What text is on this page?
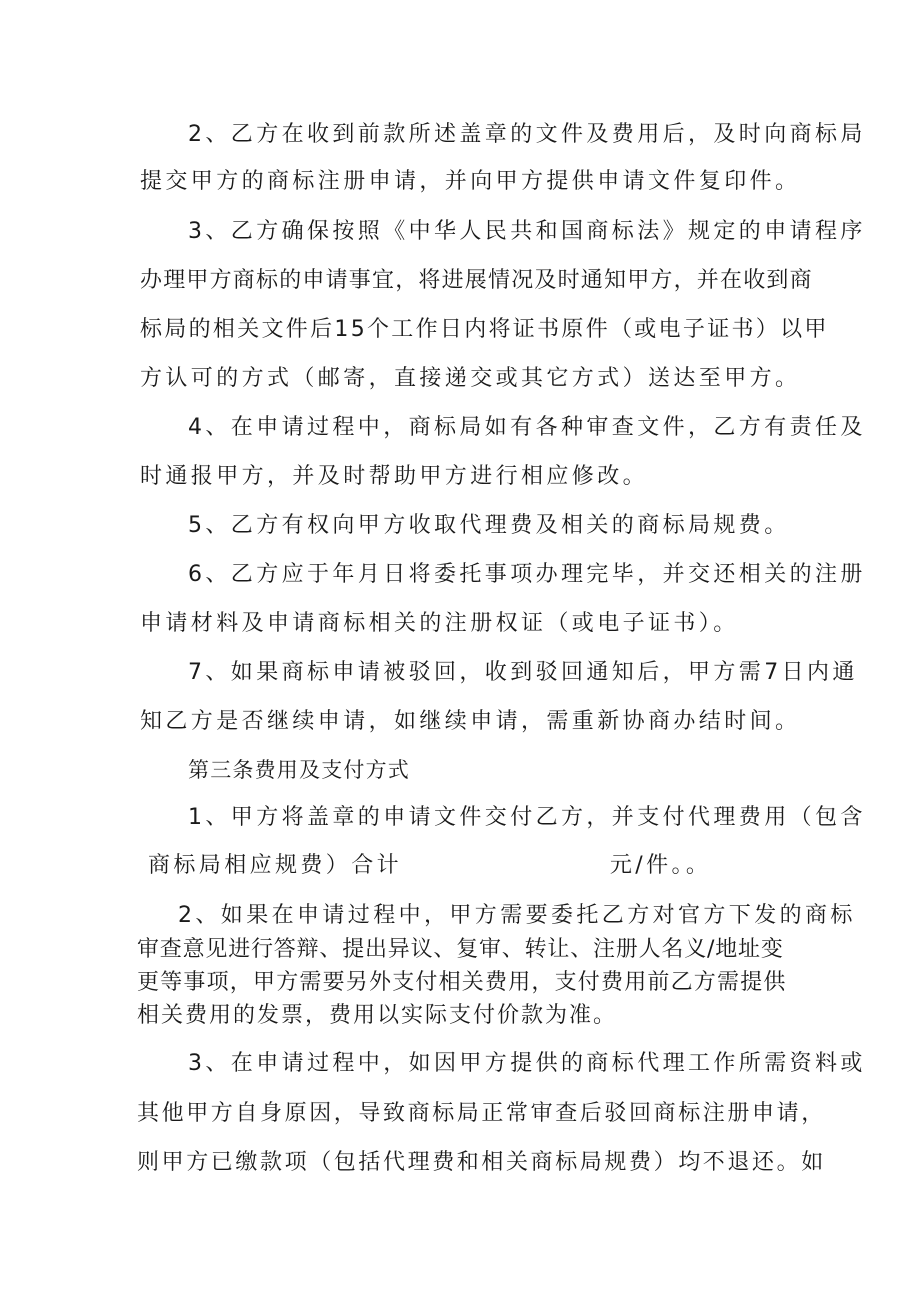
2、乙方在收到前款所述盖章的文件及费用后，及时向商标局
提交甲方的商标注册申请，并向甲方提供申请文件复印件。
3、乙方确保按照《中华人民共和国商标法》规定的申请程序
办理甲方商标的申请事宜，将进展情况及时通知甲方，并在收到商
标局的相关文件后15个工作日内将证书原件（或电子证书）以甲
方认可的方式（邮寄，直接递交或其它方式）送达至甲方。
4、在申请过程中，商标局如有各种审查文件，乙方有责任及
时通报甲方，并及时帮助甲方进行相应修改。
5、乙方有权向甲方收取代理费及相关的商标局规费。
6、乙方应于年月日将委托事项办理完毕，并交还相关的注册
申请材料及申请商标相关的注册权证（或电子证书）。
7、如果商标申请被驳回，收到驳回通知后，甲方需7日内通
知乙方是否继续申请，如继续申请，需重新协商办结时间。
第三条费用及支付方式
1、甲方将盖章的申请文件交付乙方，并支付代理费用（包含
商标局相应规费）合计                    元/件。。
2、如果在申请过程中，甲方需要委托乙方对官方下发的商标
审查意见进行答辩、提出异议、复审、转让、注册人名义/地址变
更等事项，甲方需要另外支付相关费用，支付费用前乙方需提供
相关费用的发票，费用以实际支付价款为准。
3、在申请过程中，如因甲方提供的商标代理工作所需资料或
其他甲方自身原因，导致商标局正常审查后驳回商标注册申请，
则甲方已缴款项（包括代理费和相关商标局规费）均不退还。如
